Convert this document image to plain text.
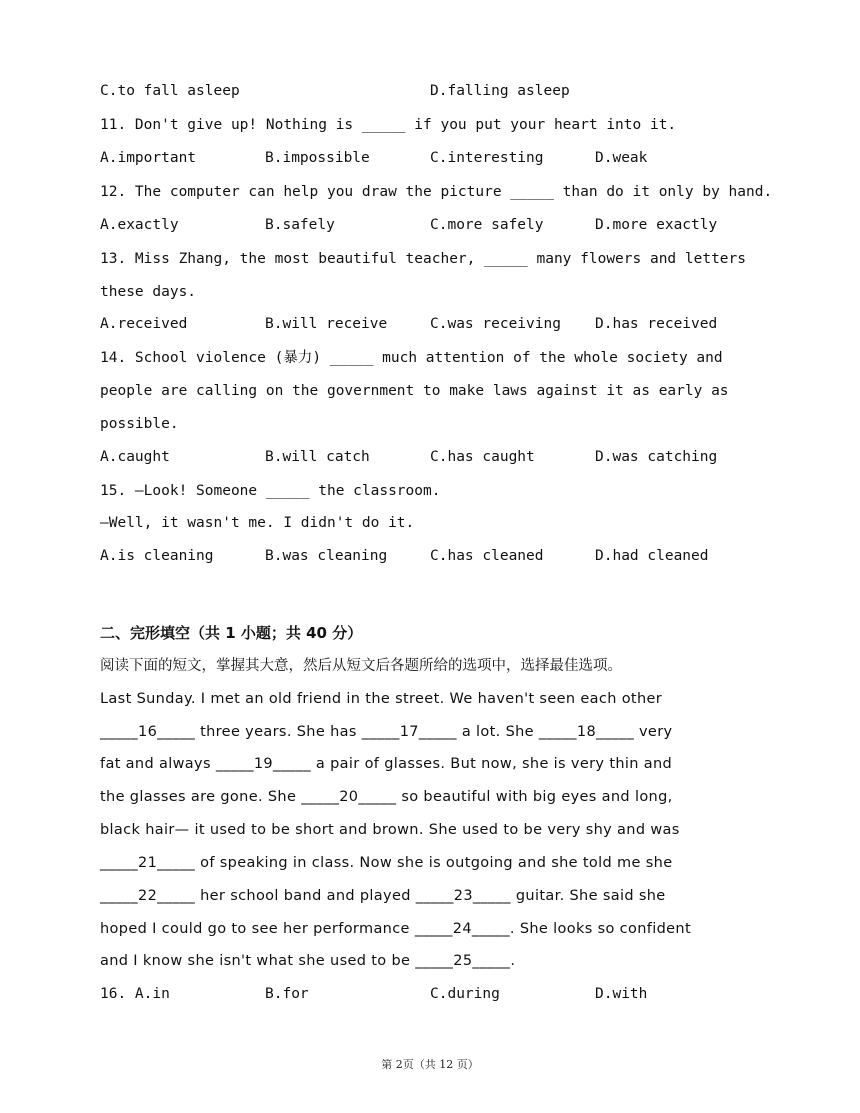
C.to fall asleep

	D.falling asleep

11. Don't give up! Nothing is _____ if you put your heart into it.

A.important

	B.impossible

	C.interesting

	D.weak

12. The computer can help you draw the picture _____ than do it only by hand.

A.exactly

	B.safely

	C.more safely

	D.more exactly

13. Miss Zhang, the most beautiful teacher, _____ many flowers and letters
these days.

A.received

	B.will receive

	C.was receiving

D.has received

14. School violence (暴力) _____ much attention of the whole society and
people are calling on the government to make laws against it as early as
possible.

A.caught

	B.will catch

	C.has caught

	D.was catching

15. —Look! Someone _____ the classroom.
—Well, it wasn't me. I didn't do it.

A.is cleaning

	B.was cleaning

	C.has cleaned

	D.had cleaned

二、完形填空（共 1 小题；共 40 分）
阅读下面的短文，掌握其大意，然后从短文后各题所给的选项中，选择最佳选项。
Last Sunday. I met an old friend in the street. We haven't seen each other
_____16_____ three years. She has _____17_____ a lot. She _____18_____ very
fat and always _____19_____ a pair of glasses. But now, she is very thin and
the glasses are gone. She _____20_____ so beautiful with big eyes and long,
black hair— it used to be short and brown. She used to be very shy and was
_____21_____ of speaking in class. Now she is outgoing and she told me she
_____22_____ her school band and played _____23_____ guitar. She said she
hoped I could go to see her performance _____24_____. She looks so confident
and I know she isn't what she used to be _____25_____.

16. A.in

	B.for

	C.during

	D.with

第 2页（共 12 页）
